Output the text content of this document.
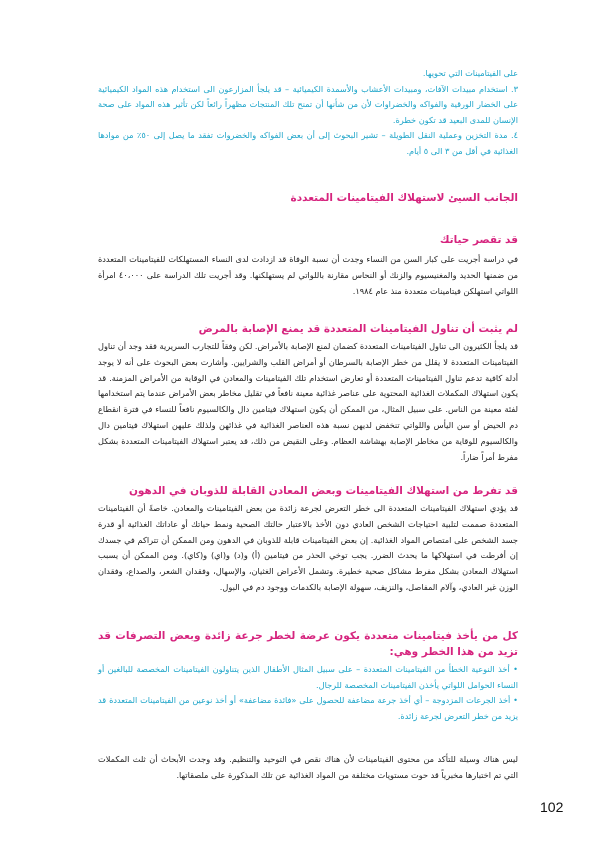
على الفيتامينات التي تحويها.

٣. استخدام مبيدات الآفات، ومبيدات الأعشاب والأسمدة الكيميائية – قد يلجأ المزارعون الى استخدام هذه المواد الكيميائية على الخضار الورقية والفواكه والخضراوات لأن من شأنها أن تمنح تلك المنتجات مظهراً رائعاً لكن تأثير هذه المواد على صحة الإنسان للمدى البعيد قد تكون خطرة.

٤. مدة التخزين وعملية النقل الطويلة – تشير البحوث إلى أن بعض الفواكه والخضروات تفقد ما يصل إلى ٥٠٪ من موادها الغذائية في أقل من ٣ الى ٥ أيام.

الجانب السيئ لاستهلاك الفيتامينات المتعددة
قد تقصر حياتك
في دراسة أجريت على كبار السن من النساء وجدت أن نسبة الوفاة قد ازدادت لدى النساء المستهلكات للفيتامينات المتعددة من ضمنها الحديد والمغنيسيوم والزنك أو النحاس مقارنة باللواتي لم يستهلكنها. وقد أجريت تلك الدراسة على ٤٠،٠٠٠ امرأة اللواتي استهلكن فيتامينات متعددة منذ عام ١٩٨٤.
لم يثبت أن تناول الفيتامينات المتعددة قد يمنع الإصابة بالمرض
قد يلجأ الكثيرون الى تناول الفيتامينات المتعددة كضمان لمنع الإصابة بالأمراض. لكن وفقاً للتجارب السريرية فقد وجد أن تناول الفيتامينات المتعددة لا يقلل من خطر الإصابة بالسرطان أو أمراض القلب والشرايين. وأشارت بعض البحوث على أنه لا يوجد أدلة كافية تدعم تناول الفيتامينات المتعددة أو تعارض استخدام تلك الفيتامينات والمعادن في الوقاية من الأمراض المزمنة. قد يكون استهلاك المكملات الغذائية المحتوية على عناصر غذائية معينة نافعاً في تقليل مخاطر بعض الأمراض عندما يتم استخدامها لفئة معينة من الناس. على سبيل المثال، من الممكن أن يكون استهلاك فيتامين دال والكالسيوم نافعاً للنساء في فترة انقطاع دم الحيض أو سن اليأس واللواتي تنخفض لديهن نسبة هذه العناصر الغذائية في غذائهن ولذلك عليهن استهلاك فيتامين دال والكالسيوم للوقاية من مخاطر الإصابة بهشاشة العظام. وعلى النقيض من ذلك، قد يعتبر استهلاك الفيتامينات المتعددة بشكل مفرط أمراً ضاراً.
قد تفرط من استهلاك الفيتامينات وبعض المعادن القابلة للذوبان في الدهون
قد يؤدي استهلاك الفيتامينات المتعددة الى خطر التعرض لجرعة زائدة من بعض الفيتامينات والمعادن. خاصةً أن الفيتامينات المتعددة صممت لتلبية احتياجات الشخص العادي دون الأخذ بالاعتبار حالتك الصحية ونمط حياتك أو عاداتك الغذائية أو قدرة جسد الشخص على امتصاص المواد الغذائية. إن بعض الفيتامينات قابلة للذوبان في الدهون ومن الممكن أن تتراكم في جسدك إن أفرطت في استهلاكها ما يحدث الضرر. يجب توخي الحذر من فيتامين (أ) و(د) و(اي) و(كاي). ومن الممكن أن يسبب استهلاك المعادن بشكل مفرط مشاكل صحية خطيرة. وتشمل الأعراض الغثيان، والإسهال، وفقدان الشعر، والصداع، وفقدان الوزن غير العادي، وآلام المفاصل، والنزيف، سهولة الإصابة بالكدمات ووجود دم في البول.
كل من يأخذ فيتامينات متعددة يكون عرضة لخطر جرعة زائدة وبعض التصرفات قد تزيد من هذا الخطر وهي:

• أخذ النوعية الخطأ من الفيتامينات المتعددة – على سبيل المثال الأطفال الذين يتناولون الفيتامينات المخصصة للبالغين أو النساء الحوامل اللواتي يأخذن الفيتامينات المخصصة للرجال.

• أخذ الجرعات المزدوجة – أي أخذ جرعة مضاعفة للحصول على «فائدة مضاعفة» أو أخذ نوعين من الفيتامينات المتعددة قد يزيد من خطر التعرض لجرعة زائدة.

ليس هناك وسيلة للتأكد من محتوى الفيتامينات لأن هناك نقص في التوحيد والتنظيم. وقد وجدت الأبحاث أن ثلث المكملات التي تم اختبارها مخبرياً قد حوت مستويات مختلفة من المواد الغذائية عن تلك المذكورة على ملصقاتها.
102
